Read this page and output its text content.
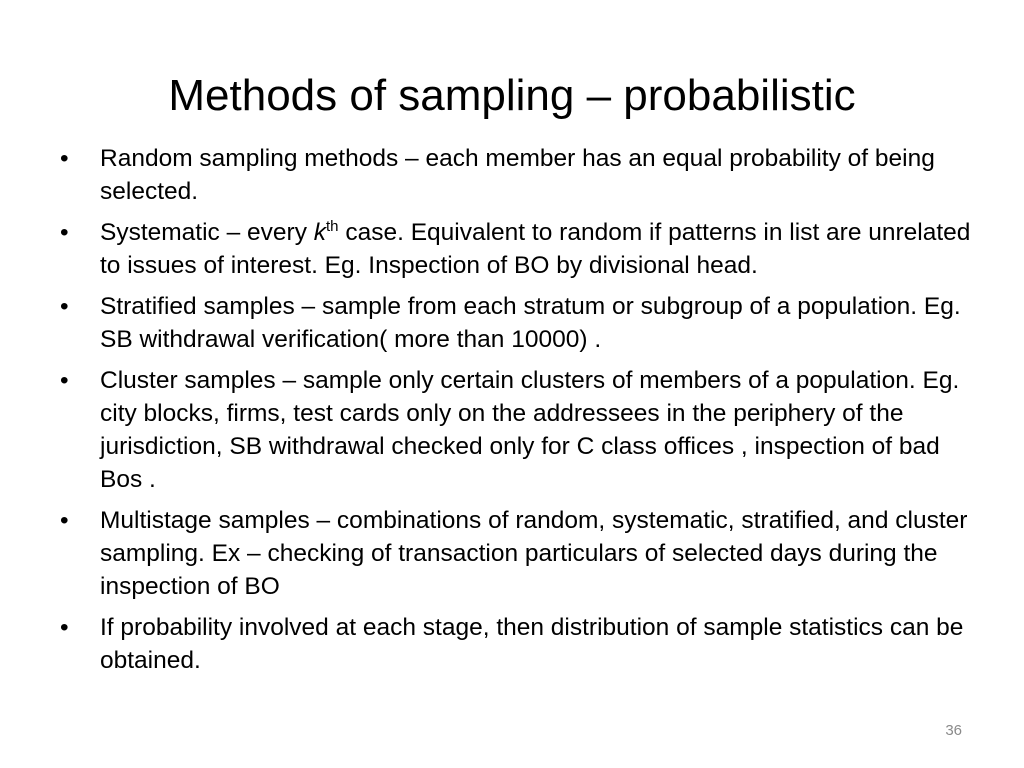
Methods of sampling – probabilistic
•	Random sampling methods – each member has an equal probability of being selected.
•	Systematic – every $k^{th}$ case. Equivalent to random if patterns in list are unrelated to issues of interest. Eg. Inspection of BO by divisional head.
•	Stratified samples – sample from each stratum or subgroup of a population. Eg. SB withdrawal verification( more than 10000) .
•	Cluster samples – sample only certain clusters of members of a population. Eg. city blocks, firms, test cards only on the addressees in the periphery of the jurisdiction, SB withdrawal checked only for C class offices , inspection of bad Bos .
•	Multistage samples – combinations of random, systematic, stratified, and cluster sampling. Ex – checking of transaction particulars of selected days during the inspection of BO
•	If probability involved at each stage, then distribution of sample statistics can be obtained.
36
